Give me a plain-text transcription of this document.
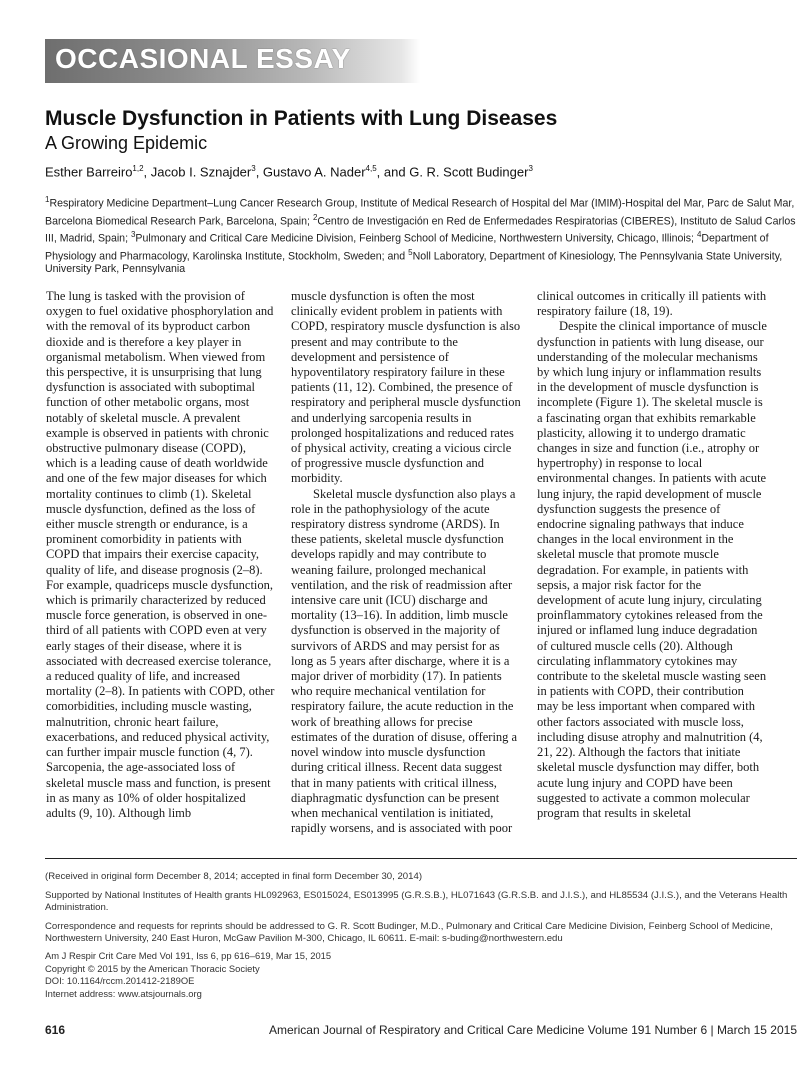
OCCASIONAL ESSAY
Muscle Dysfunction in Patients with Lung Diseases
A Growing Epidemic
Esther Barreiro$^{1,2}$, Jacob I. Sznajder$^3$, Gustavo A. Nader$^{4,5}$, and G. R. Scott Budinger$^3$
$^1$Respiratory Medicine Department–Lung Cancer Research Group, Institute of Medical Research of Hospital del Mar (IMIM)-Hospital del Mar, Parc de Salut Mar, Barcelona Biomedical Research Park, Barcelona, Spain; $^2$Centro de Investigación en Red de Enfermedades Respiratorias (CIBERES), Instituto de Salud Carlos III, Madrid, Spain; $^3$Pulmonary and Critical Care Medicine Division, Feinberg School of Medicine, Northwestern University, Chicago, Illinois; $^4$Department of Physiology and Pharmacology, Karolinska Institute, Stockholm, Sweden; and $^5$Noll Laboratory, Department of Kinesiology, The Pennsylvania State University, University Park, Pennsylvania

The lung is tasked with the provision of oxygen to fuel oxidative phosphorylation and with the removal of its byproduct carbon dioxide and is therefore a key player in organismal metabolism. When viewed from this perspective, it is unsurprising that lung dysfunction is associated with suboptimal function of other metabolic organs, most notably of skeletal muscle. A prevalent example is observed in patients with chronic obstructive pulmonary disease (COPD), which is a leading cause of death worldwide and one of the few major diseases for which mortality continues to climb (1). Skeletal muscle dysfunction, defined as the loss of either muscle strength or endurance, is a prominent comorbidity in patients with COPD that impairs their exercise capacity, quality of life, and disease prognosis (2–8). For example, quadriceps muscle dysfunction, which is primarily characterized by reduced muscle force generation, is observed in one-third of all patients with COPD even at very early stages of their disease, where it is associated with decreased exercise tolerance, a reduced quality of life, and increased mortality (2–8). In patients with COPD, other comorbidities, including muscle wasting, malnutrition, chronic heart failure, exacerbations, and reduced physical activity, can further impair muscle function (4, 7). Sarcopenia, the age-associated loss of skeletal muscle mass and function, is present in as many as 10% of older hospitalized adults (9, 10). Although limb

muscle dysfunction is often the most clinically evident problem in patients with COPD, respiratory muscle dysfunction is also present and may contribute to the development and persistence of hypoventilatory respiratory failure in these patients (11, 12). Combined, the presence of respiratory and peripheral muscle dysfunction and underlying sarcopenia results in prolonged hospitalizations and reduced rates of physical activity, creating a vicious circle of progressive muscle dysfunction and morbidity.

Skeletal muscle dysfunction also plays a role in the pathophysiology of the acute respiratory distress syndrome (ARDS). In these patients, skeletal muscle dysfunction develops rapidly and may contribute to weaning failure, prolonged mechanical ventilation, and the risk of readmission after intensive care unit (ICU) discharge and mortality (13–16). In addition, limb muscle dysfunction is observed in the majority of survivors of ARDS and may persist for as long as 5 years after discharge, where it is a major driver of morbidity (17). In patients who require mechanical ventilation for respiratory failure, the acute reduction in the work of breathing allows for precise estimates of the duration of disuse, offering a novel window into muscle dysfunction during critical illness. Recent data suggest that in many patients with critical illness, diaphragmatic dysfunction can be present when mechanical ventilation is initiated, rapidly worsens, and is associated with poor

clinical outcomes in critically ill patients with respiratory failure (18, 19).

Despite the clinical importance of muscle dysfunction in patients with lung disease, our understanding of the molecular mechanisms by which lung injury or inflammation results in the development of muscle dysfunction is incomplete (Figure 1). The skeletal muscle is a fascinating organ that exhibits remarkable plasticity, allowing it to undergo dramatic changes in size and function (i.e., atrophy or hypertrophy) in response to local environmental changes. In patients with acute lung injury, the rapid development of muscle dysfunction suggests the presence of endocrine signaling pathways that induce changes in the local environment in the skeletal muscle that promote muscle degradation. For example, in patients with sepsis, a major risk factor for the development of acute lung injury, circulating proinflammatory cytokines released from the injured or inflamed lung induce degradation of cultured muscle cells (20). Although circulating inflammatory cytokines may contribute to the skeletal muscle wasting seen in patients with COPD, their contribution may be less important when compared with other factors associated with muscle loss, including disuse atrophy and malnutrition (4, 21, 22). Although the factors that initiate skeletal muscle dysfunction may differ, both acute lung injury and COPD have been suggested to activate a common molecular program that results in skeletal

(Received in original form December 8, 2014; accepted in final form December 30, 2014)

Supported by National Institutes of Health grants HL092963, ES015024, ES013995 (G.R.S.B.), HL071643 (G.R.S.B. and J.I.S.), and HL85534 (J.I.S.), and the Veterans Health Administration.

Correspondence and requests for reprints should be addressed to G. R. Scott Budinger, M.D., Pulmonary and Critical Care Medicine Division, Feinberg School of Medicine, Northwestern University, 240 East Huron, McGaw Pavilion M-300, Chicago, IL 60611. E-mail: s-buding@northwestern.edu

Am J Respir Crit Care Med Vol 191, Iss 6, pp 616–619, Mar 15, 2015
Copyright © 2015 by the American Thoracic Society
DOI: 10.1164/rccm.201412-2189OE
Internet address: www.atsjournals.org
616	American Journal of Respiratory and Critical Care Medicine Volume 191 Number 6 | March 15 2015
